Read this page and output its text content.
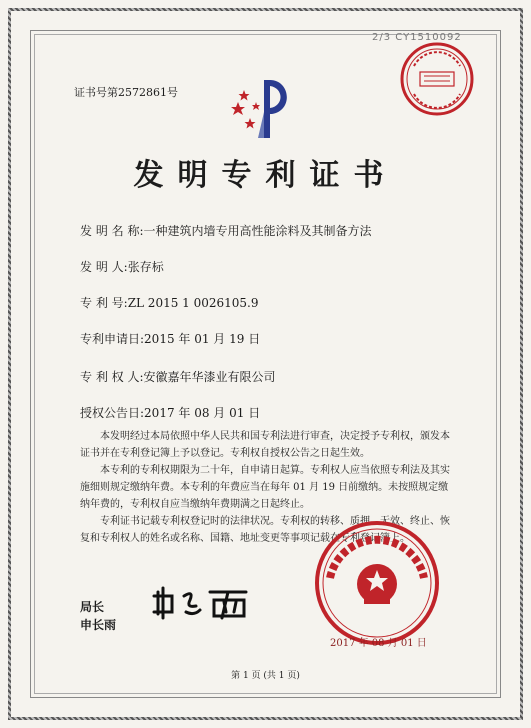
2/3 CY1510092
证书号第2572861号
发明专利证书
发 明 名 称:一种建筑内墙专用高性能涂料及其制备方法
发 明 人:张存标
专 利 号:ZL 2015 1 0026105.9
专利申请日:2015 年 01 月 19 日
专 利 权 人:安徽嘉年华漆业有限公司
授权公告日:2017 年 08 月 01 日

本发明经过本局依照中华人民共和国专利法进行审查，决定授予专利权，颁发本证书并在专利登记簿上予以登记。专利权自授权公告之日起生效。

本专利的专利权期限为二十年，自申请日起算。专利权人应当依照专利法及其实施细则规定缴纳年费。本专利的年费应当在每年 01 月 19 日前缴纳。未按照规定缴纳年费的，专利权自应当缴纳年费期满之日起终止。

专利证书记载专利权登记时的法律状况。专利权的转移、质押、无效、终止、恢复和专利权人的姓名或名称、国籍、地址变更等事项记载在专利登记簿上。

局长
申长雨
2017 年 08 月 01 日
第 1 页 (共 1 页)
